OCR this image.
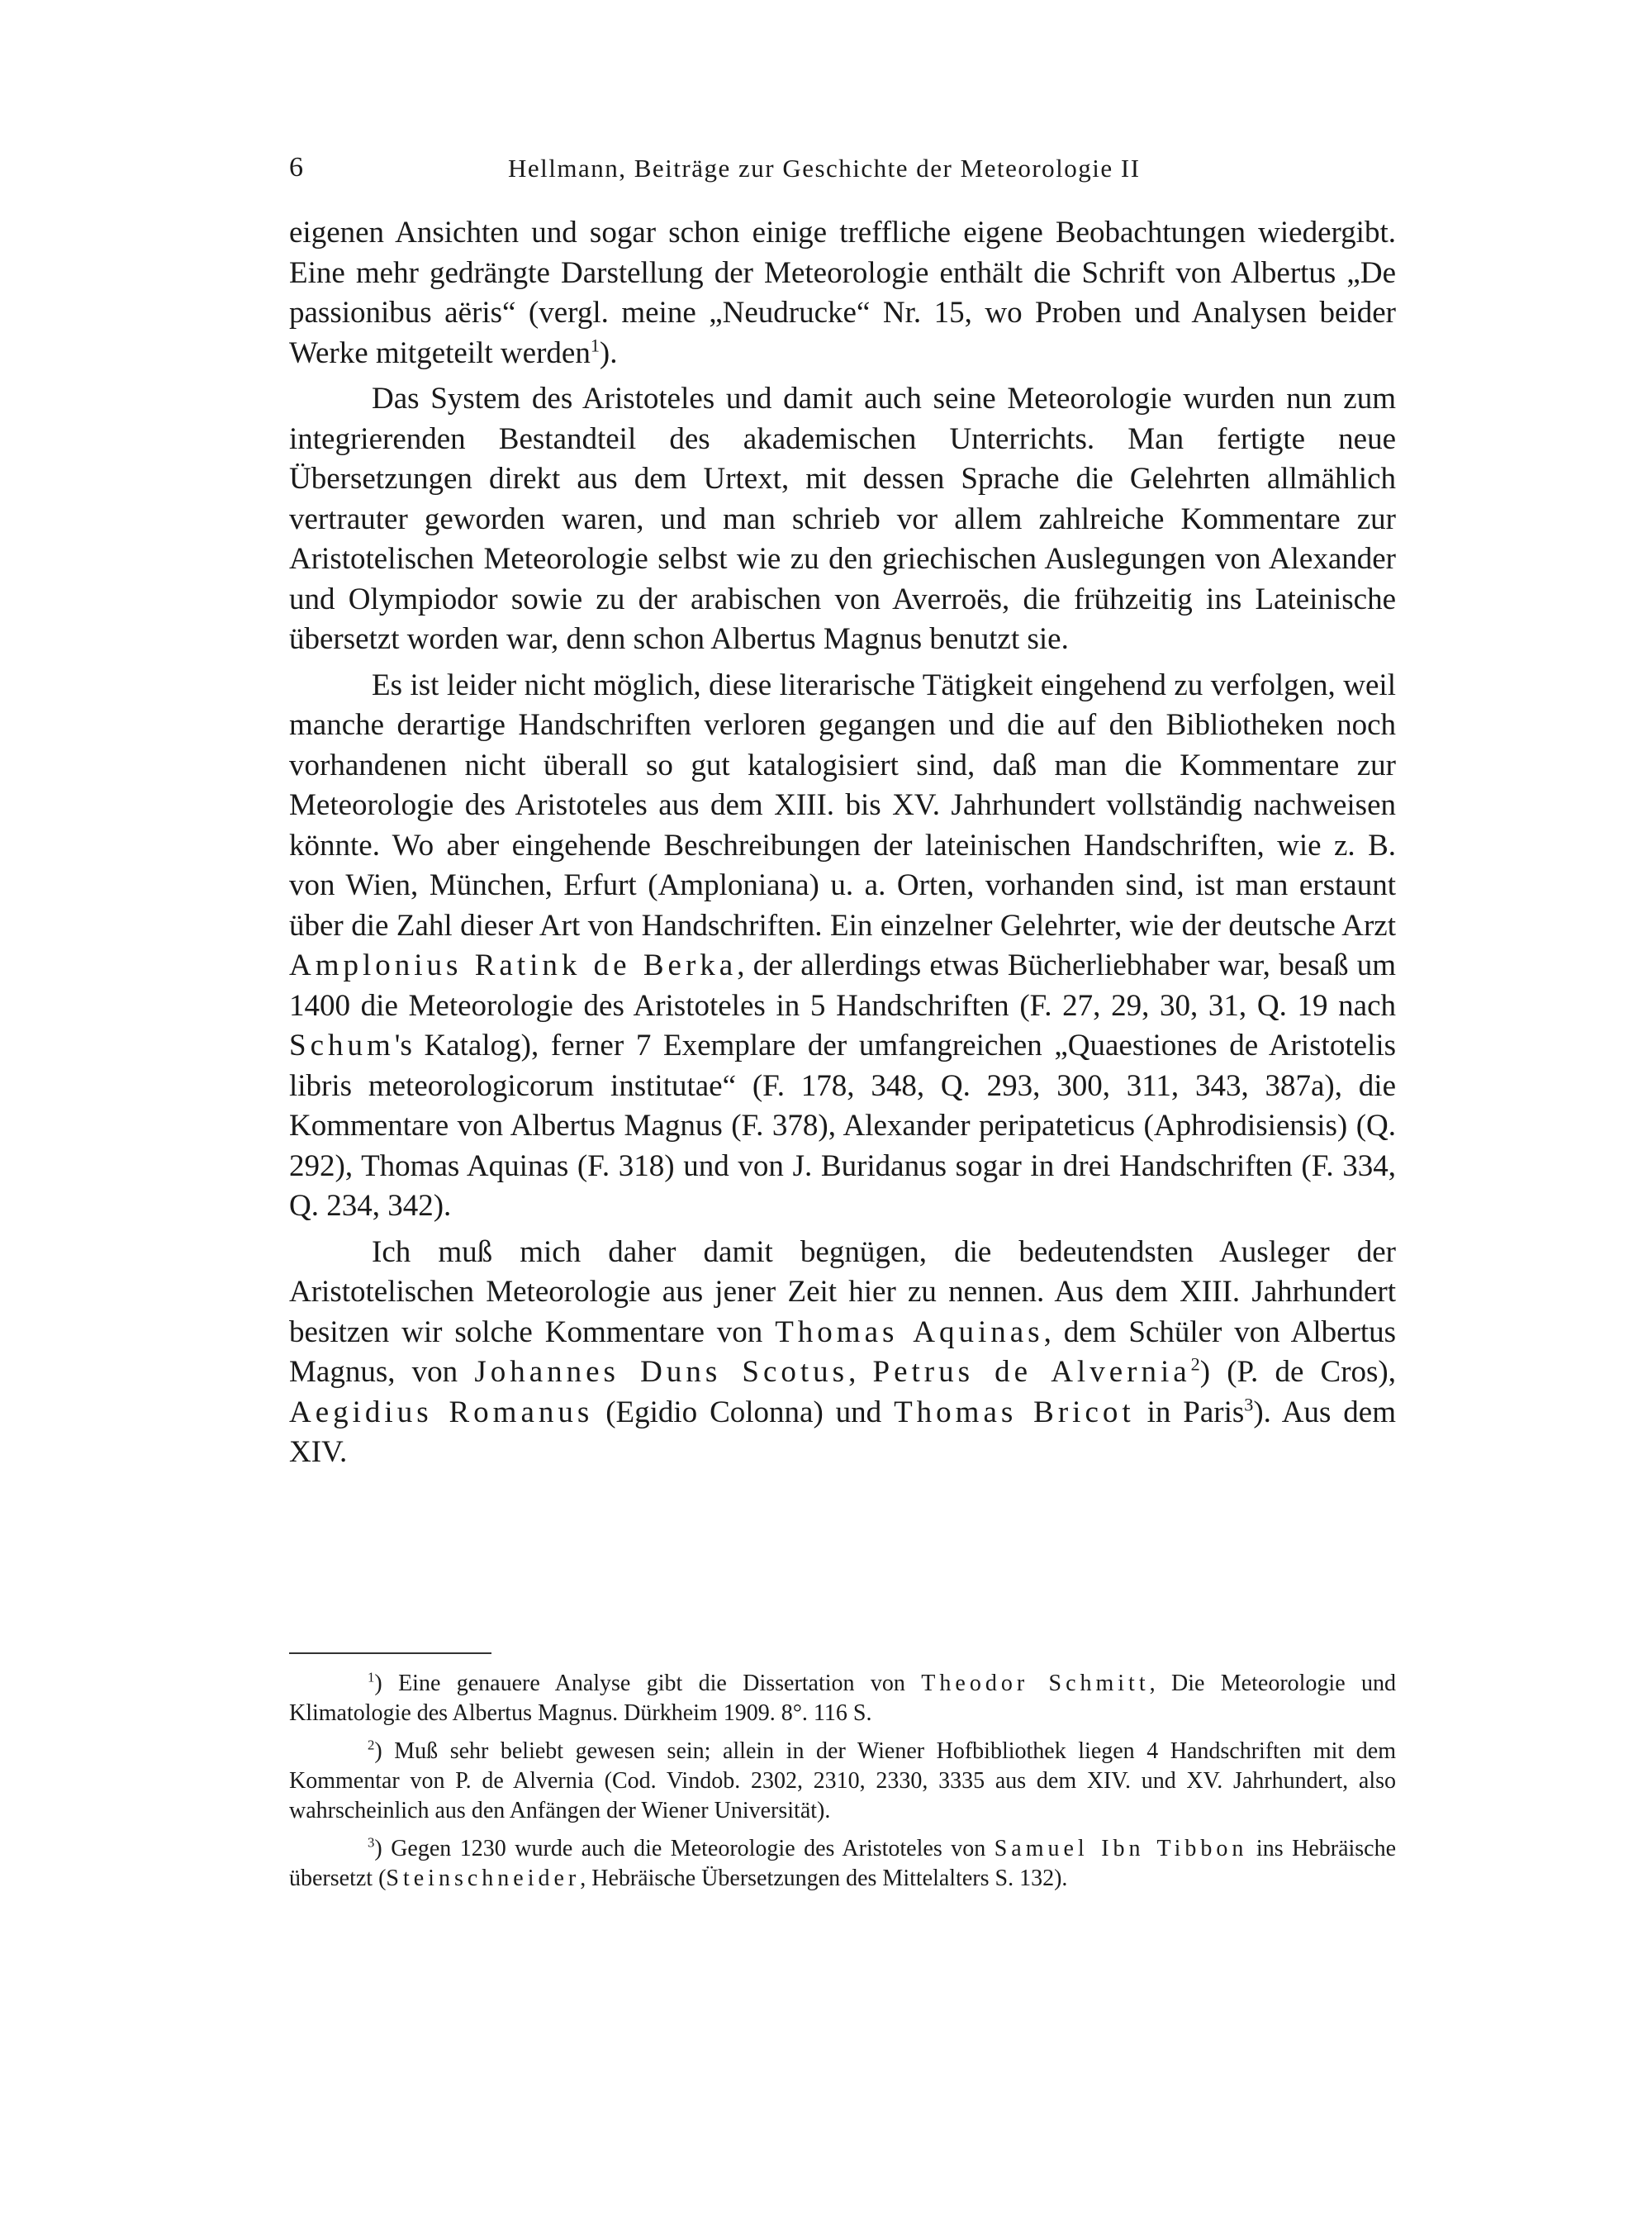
6	Hellmann, Beiträge zur Geschichte der Meteorologie II

eigenen Ansichten und sogar schon einige treffliche eigene Beobachtungen wiedergibt. Eine mehr gedrängte Darstellung der Meteorologie enthält die Schrift von Albertus „De passionibus aëris“ (vergl. meine „Neudrucke“ Nr. 15, wo Proben und Analysen beider Werke mitgeteilt werden$^1$).

Das System des Aristoteles und damit auch seine Meteorologie wurden nun zum integrierenden Bestandteil des akademischen Unterrichts. Man fertigte neue Übersetzungen direkt aus dem Urtext, mit dessen Sprache die Gelehrten allmählich vertrauter geworden waren, und man schrieb vor allem zahlreiche Kommentare zur Aristotelischen Meteorologie selbst wie zu den griechischen Auslegungen von Alexander und Olympiodor sowie zu der arabischen von Averroës, die frühzeitig ins Lateinische übersetzt worden war, denn schon Albertus Magnus benutzt sie.

Es ist leider nicht möglich, diese literarische Tätigkeit eingehend zu verfolgen, weil manche derartige Handschriften verloren gegangen und die auf den Bibliotheken noch vorhandenen nicht überall so gut katalogisiert sind, daß man die Kommentare zur Meteorologie des Aristoteles aus dem XIII. bis XV. Jahrhundert vollständig nachweisen könnte. Wo aber eingehende Beschreibungen der lateinischen Handschriften, wie z. B. von Wien, München, Erfurt (Amploniana) u. a. Orten, vorhanden sind, ist man erstaunt über die Zahl dieser Art von Handschriften. Ein einzelner Gelehrter, wie der deutsche Arzt Amplonius Ratink de Berka, der allerdings etwas Bücherliebhaber war, besaß um 1400 die Meteorologie des Aristoteles in 5 Handschriften (F. 27, 29, 30, 31, Q. 19 nach Schum's Katalog), ferner 7 Exemplare der umfangreichen „Quaestiones de Aristotelis libris meteorologicorum institutae“ (F. 178, 348, Q. 293, 300, 311, 343, 387a), die Kommentare von Albertus Magnus (F. 378), Alexander peripateticus (Aphrodisiensis) (Q. 292), Thomas Aquinas (F. 318) und von J. Buridanus sogar in drei Handschriften (F. 334, Q. 234, 342).

Ich muß mich daher damit begnügen, die bedeutendsten Ausleger der Aristotelischen Meteorologie aus jener Zeit hier zu nennen. Aus dem XIII. Jahrhundert besitzen wir solche Kommentare von Thomas Aquinas, dem Schüler von Albertus Magnus, von Johannes Duns Scotus, Petrus de Alvernia$^2$) (P. de Cros), Aegidius Romanus (Egidio Colonna) und Thomas Bricot in Paris$^3$). Aus dem XIV.

$^1$) Eine genauere Analyse gibt die Dissertation von Theodor Schmitt, Die Meteorologie und Klimatologie des Albertus Magnus. Dürkheim 1909. 8°. 116 S.

$^2$) Muß sehr beliebt gewesen sein; allein in der Wiener Hofbibliothek liegen 4 Handschriften mit dem Kommentar von P. de Alvernia (Cod. Vindob. 2302, 2310, 2330, 3335 aus dem XIV. und XV. Jahrhundert, also wahrscheinlich aus den Anfängen der Wiener Universität).

$^3$) Gegen 1230 wurde auch die Meteorologie des Aristoteles von Samuel Ibn Tibbon ins Hebräische übersetzt (Steinschneider, Hebräische Übersetzungen des Mittelalters S. 132).
